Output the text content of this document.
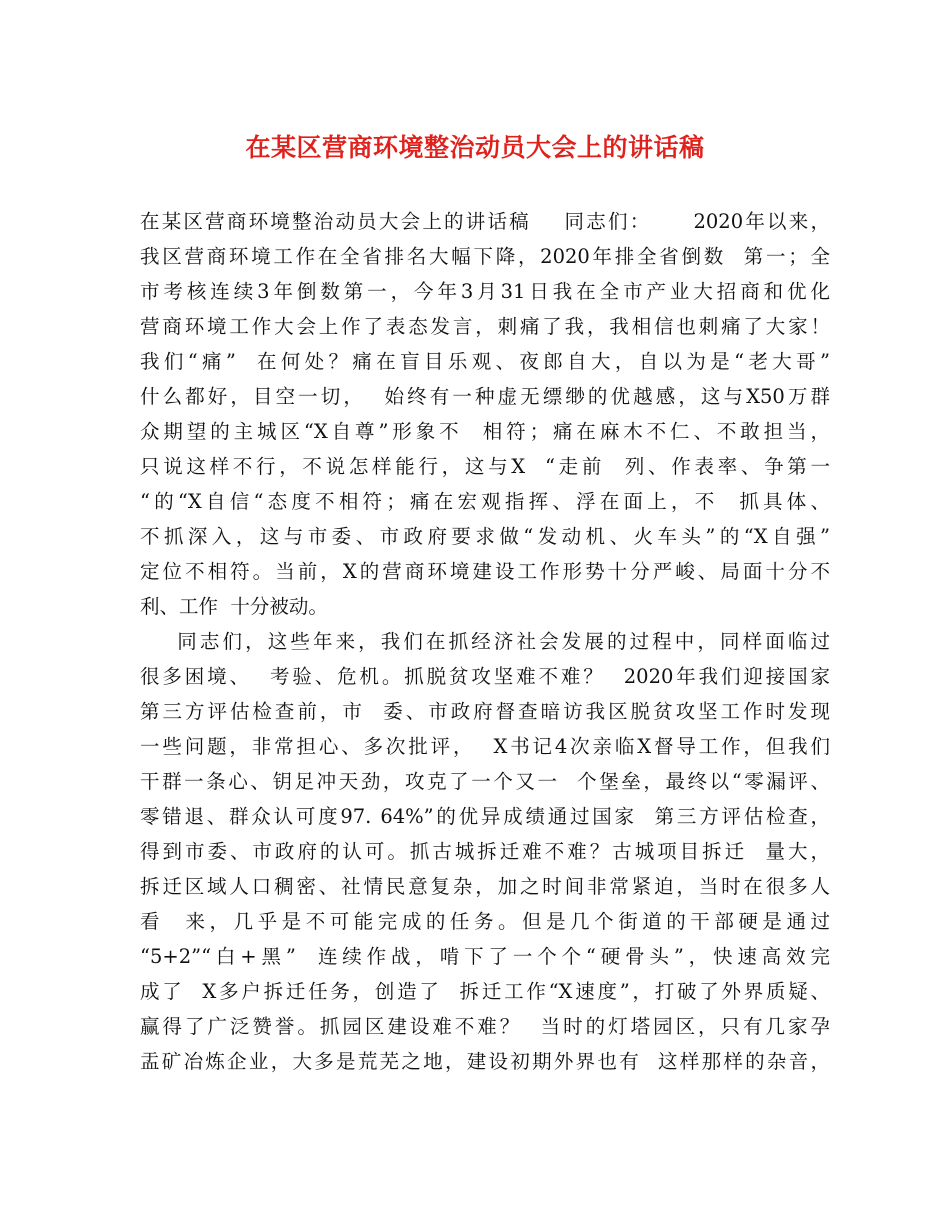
在某区营商环境整治动员大会上的讲话稿
在某区营商环境整治动员大会上的讲话稿    同志们：     2020年以来，
我区营商环境工作在全省排名大幅下降，2020年排全省倒数  第一；全
市考核连续3年倒数第一，今年3月31日我在全市产业大招商和优化
营商环境工作大会上作了表态发言，刺痛了我，我相信也刺痛了大家！
我们“痛”  在何处？痛在盲目乐观、夜郎自大，自以为是“老大哥”
什么都好，目空一切，  始终有一种虚无缥缈的优越感，这与X50万群
众期望的主城区“X自尊”形象不  相符；痛在麻木不仁、不敢担当，
只说这样不行，不说怎样能行，这与X  “走前  列、作表率、争第一
“的“X自信“态度不相符；痛在宏观指挥、浮在面上，不  抓具体、
不抓深入，这与市委、市政府要求做“发动机、火车头”的“X自强”
定位不相符。当前，X的营商环境建设工作形势十分严峻、局面十分不
利、工作  十分被动。
同志们，这些年来，我们在抓经济社会发展的过程中，同样面临过
很多困境、  考验、危机。抓脱贫攻坚难不难？  2020年我们迎接国家
第三方评估检查前，市  委、市政府督查暗访我区脱贫攻坚工作时发现
一些问题，非常担心、多次批评，  X书记4次亲临X督导工作，但我们
干群一条心、钥足冲天劲，攻克了一个又一  个堡垒，最终以“零漏评、
零错退、群众认可度97. 64%”的优异成绩通过国家  第三方评估检查，
得到市委、市政府的认可。抓古城拆迁难不难？古城项目拆迁  量大，
拆迁区域人口稠密、社情民意复杂，加之时间非常紧迫，当时在很多人
看  来，几乎是不可能完成的任务。但是几个街道的干部硬是通过
“5+2”“白+黑”  连续作战，啃下了一个个“硬骨头”，快速高效完
成了  X多户拆迁任务，创造了  拆迁工作“X速度”，打破了外界质疑、
赢得了广泛赞誉。抓园区建设难不难？  当时的灯塔园区，只有几家孕
盂矿冶炼企业，大多是荒芜之地，建设初期外界也有  这样那样的杂音，
